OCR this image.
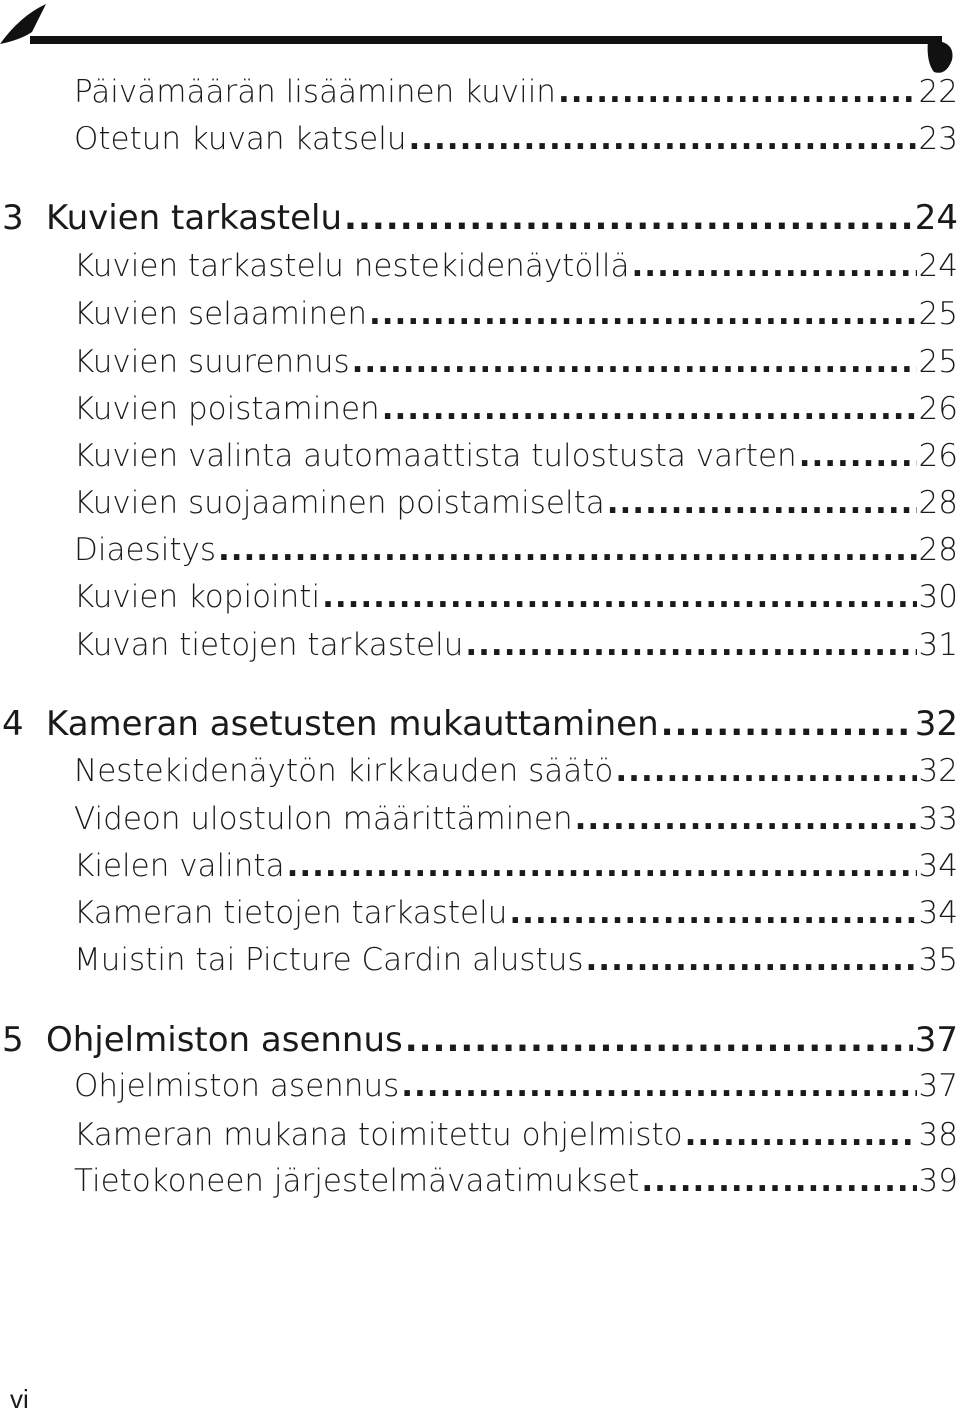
Päivämäärän lisääminen kuviin .....	22
Otetun kuvan katselu .....	23
3 Kuvien tarkastelu .....	24
Kuvien tarkastelu nestekidenäytöllä .....	24
Kuvien selaaminen .....	25
Kuvien suurennus .....	25
Kuvien poistaminen .....	26
Kuvien valinta automaattista tulostusta varten .....	26
Kuvien suojaaminen poistamiselta .....	28
Diaesitys .....	28
Kuvien kopiointi .....	30
Kuvan tietojen tarkastelu .....	31
4 Kameran asetusten mukauttaminen .....	32
Nestekidenäytön kirkkauden säätö .....	32
Videon ulostulon määrittäminen .....	33
Kielen valinta .....	34
Kameran tietojen tarkastelu .....	34
Muistin tai Picture Cardin alustus .....	35
5 Ohjelmiston asennus .....	37
Ohjelmiston asennus .....	37
Kameran mukana toimitettu ohjelmisto .....	38
Tietokoneen järjestelmävaatimukset .....	39
vi
